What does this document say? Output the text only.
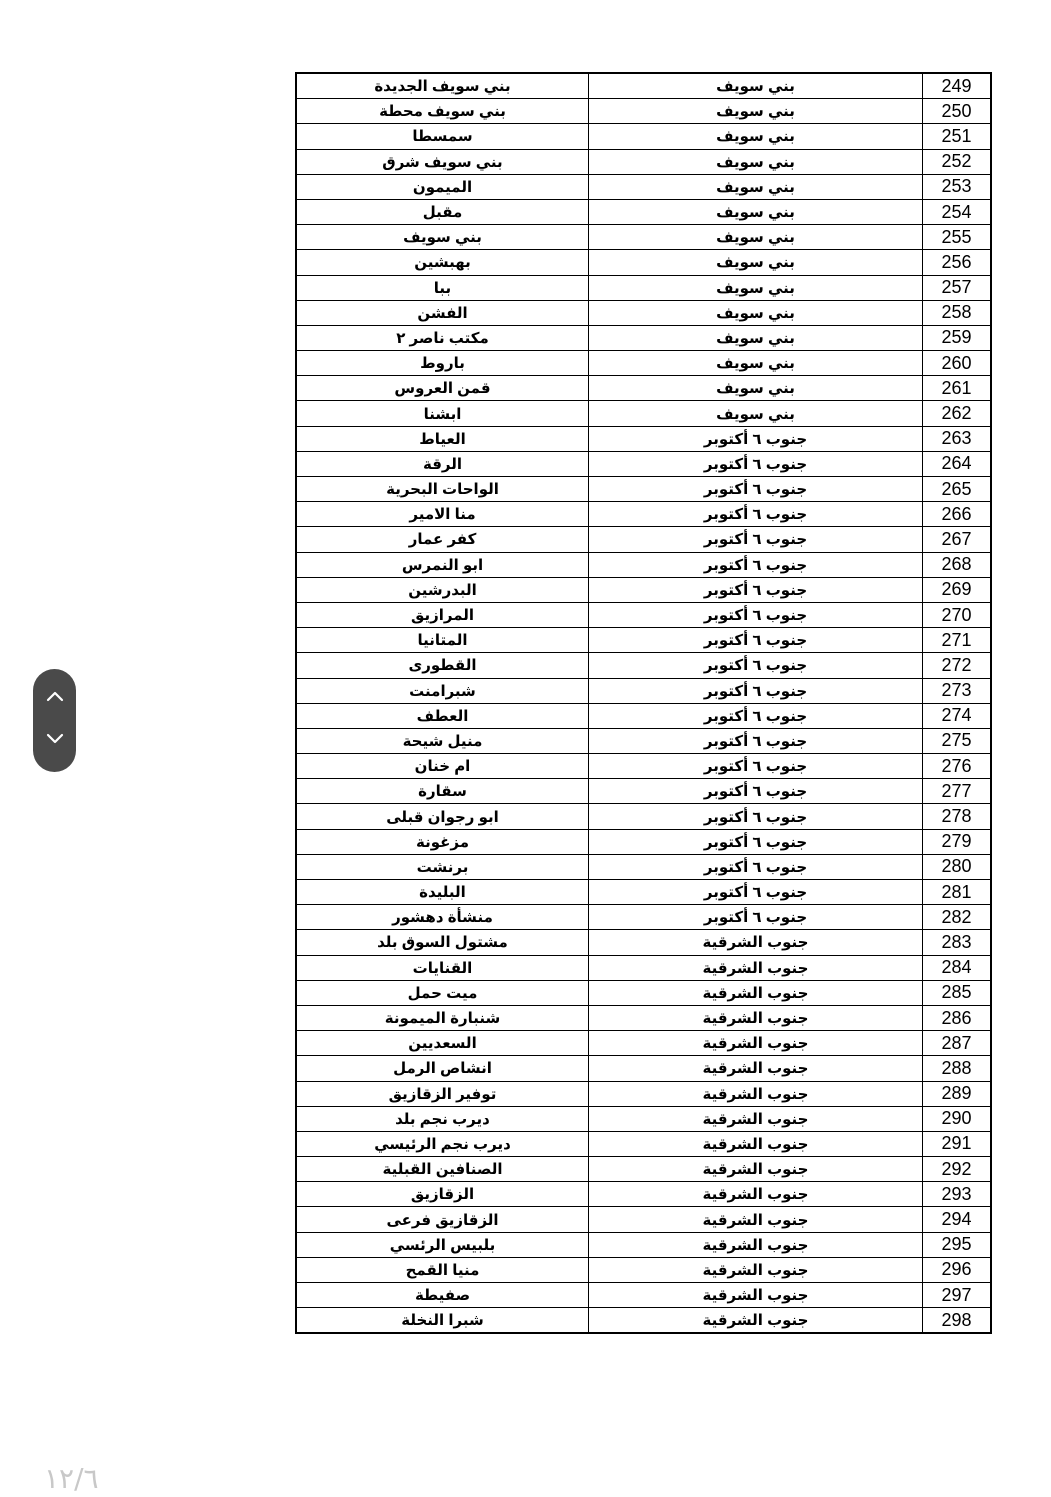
بني سويف الجديدة	بني سويف	249
بني سويف محطة	بني سويف	250
سمسطا	بني سويف	251
بني سويف شرق	بني سويف	252
الميمون	بني سويف	253
مقبل	بني سويف	254
بني سويف	بني سويف	255
بهبشين	بني سويف	256
ببا	بني سويف	257
الفشن	بني سويف	258
مكتب ناصر ٢	بني سويف	259
باروط	بني سويف	260
قمن العروس	بني سويف	261
ابشنا	بني سويف	262
العياط	جنوب ٦ أكتوبر	263
الرقة	جنوب ٦ أكتوبر	264
الواحات البحرية	جنوب ٦ أكتوبر	265
منا الامير	جنوب ٦ أكتوبر	266
كفر عمار	جنوب ٦ أكتوبر	267
ابو النمرس	جنوب ٦ أكتوبر	268
البدرشين	جنوب ٦ أكتوبر	269
المرازيق	جنوب ٦ أكتوبر	270
المتانيا	جنوب ٦ أكتوبر	271
القطورى	جنوب ٦ أكتوبر	272
شبرامنت	جنوب ٦ أكتوبر	273
العطف	جنوب ٦ أكتوبر	274
منيل شيحة	جنوب ٦ أكتوبر	275
ام خنان	جنوب ٦ أكتوبر	276
سقارة	جنوب ٦ أكتوبر	277
ابو رجوان قبلى	جنوب ٦ أكتوبر	278
مزغونة	جنوب ٦ أكتوبر	279
برنشت	جنوب ٦ أكتوبر	280
البليدة	جنوب ٦ أكتوبر	281
منشأة دهشور	جنوب ٦ أكتوبر	282
مشتول السوق بلد	جنوب الشرقية	283
القنايات	جنوب الشرقية	284
ميت حمل	جنوب الشرقية	285
شنبارة الميمونة	جنوب الشرقية	286
السعديين	جنوب الشرقية	287
انشاص الرمل	جنوب الشرقية	288
توفير الزقازيق	جنوب الشرقية	289
ديرب نجم بلد	جنوب الشرقية	290
ديرب نجم الرئيسي	جنوب الشرقية	291
الصنافين القبلية	جنوب الشرقية	292
الزقازيق	جنوب الشرقية	293
الزقازيق فرعى	جنوب الشرقية	294
بلبيس الرئسي	جنوب الشرقية	295
منيا القمح	جنوب الشرقية	296
صفيطة	جنوب الشرقية	297
شبرا النخلة	جنوب الشرقية	298
١٢/٦
